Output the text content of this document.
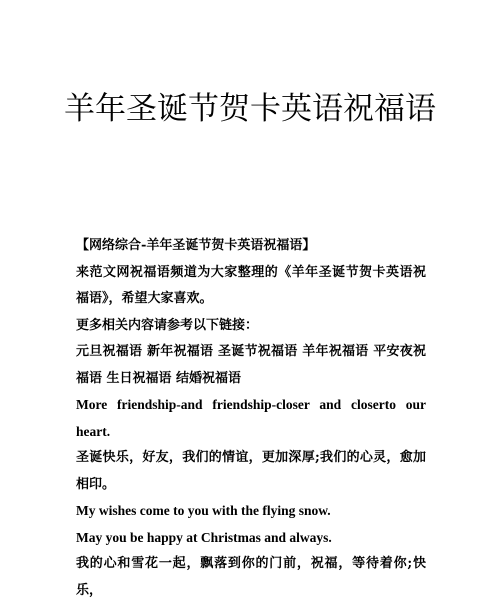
羊年圣诞节贺卡英语祝福语

【网络综合-羊年圣诞节贺卡英语祝福语】

来范文网祝福语频道为大家整理的《羊年圣诞节贺卡英语祝福语》，希望大家喜欢。

更多相关内容请参考以下链接：

元旦祝福语 新年祝福语 圣诞节祝福语 羊年祝福语 平安夜祝福语 生日祝福语 结婚祝福语

More friendship-and friendship-closer and closerto our heart.

圣诞快乐，好友，我们的情谊，更加深厚;我们的心灵，愈加相印。

My wishes come to you with the flying snow.

May you be happy at Christmas and always.

我的心和雪花一起，飘落到你的门前，祝福，等待着你;快乐，
